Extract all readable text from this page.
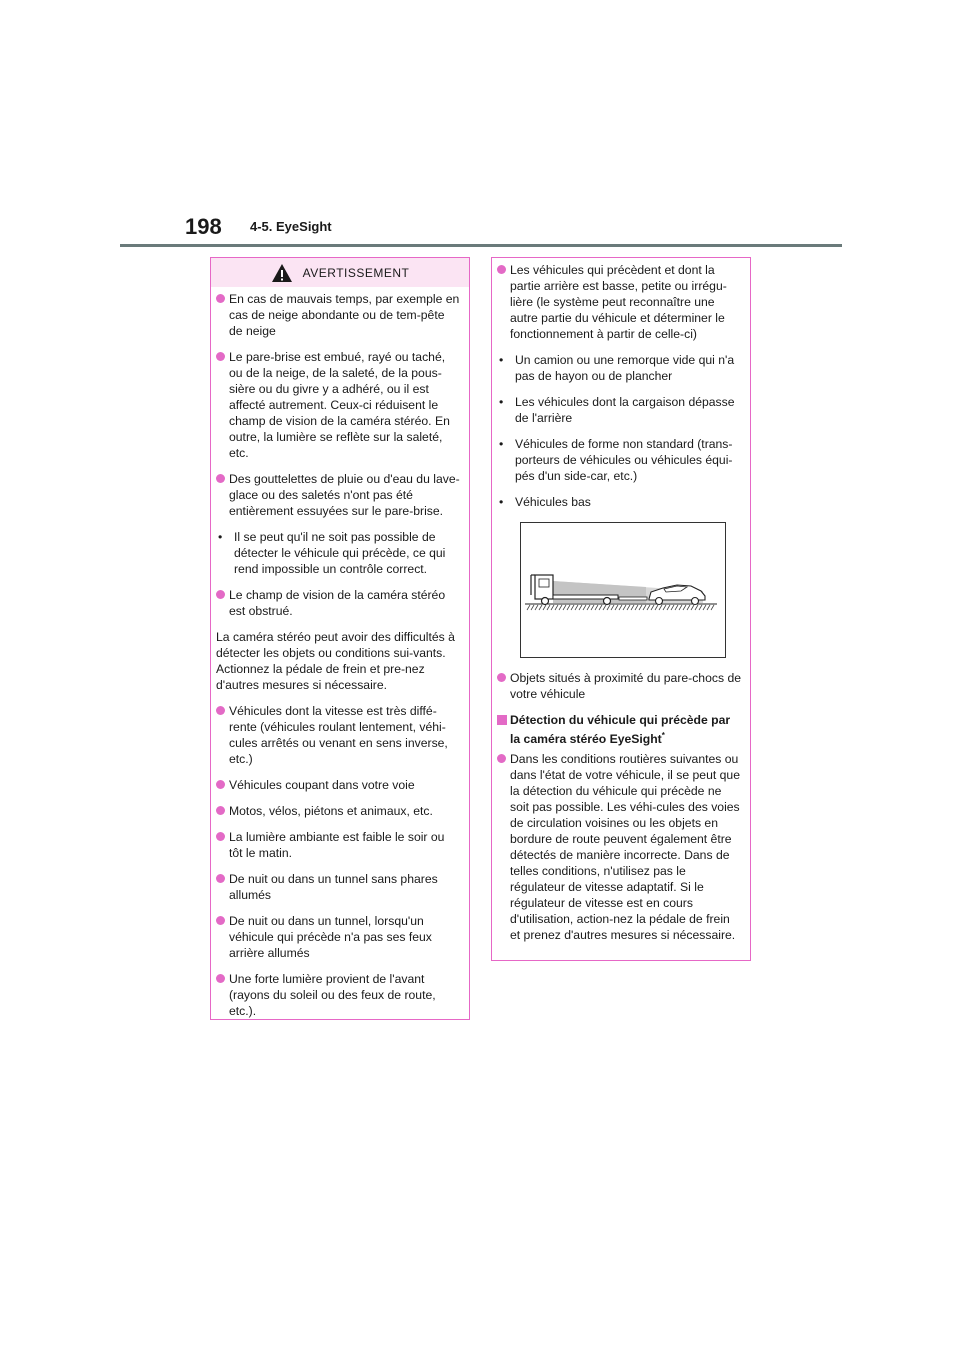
198 4-5. EyeSight
AVERTISSEMENT
En cas de mauvais temps, par exemple en cas de neige abondante ou de tem-pête de neige
Le pare-brise est embué, rayé ou taché, ou de la neige, de la saleté, de la pous-sière ou du givre y a adhéré, ou il est affecté autrement. Ceux-ci réduisent le champ de vision de la caméra stéréo. En outre, la lumière se reflète sur la saleté, etc.
Des gouttelettes de pluie ou d'eau du lave-glace ou des saletés n'ont pas été entièrement essuyées sur le pare-brise.
• Il se peut qu'il ne soit pas possible de détecter le véhicule qui précède, ce qui rend impossible un contrôle correct.
Le champ de vision de la caméra stéréo est obstrué.
La caméra stéréo peut avoir des difficultés à détecter les objets ou conditions sui-vants. Actionnez la pédale de frein et pre-nez d'autres mesures si nécessaire.
Véhicules dont la vitesse est très diffé-rente (véhicules roulant lentement, véhi-cules arrêtés ou venant en sens inverse, etc.)
Véhicules coupant dans votre voie
Motos, vélos, piétons et animaux, etc.
La lumière ambiante est faible le soir ou tôt le matin.
De nuit ou dans un tunnel sans phares allumés
De nuit ou dans un tunnel, lorsqu'un véhicule qui précède n'a pas ses feux arrière allumés
Une forte lumière provient de l'avant (rayons du soleil ou des feux de route, etc.).
Les véhicules qui précèdent et dont la partie arrière est basse, petite ou irrégu-lière (le système peut reconnaître une autre partie du véhicule et déterminer le fonctionnement à partir de celle-ci)
• Un camion ou une remorque vide qui n'a pas de hayon ou de plancher
• Les véhicules dont la cargaison dépasse de l'arrière
• Véhicules de forme non standard (trans-porteurs de véhicules ou véhicules équi-pés d'un side-car, etc.)
• Véhicules bas
Objets situés à proximité du pare-chocs de votre véhicule
Détection du véhicule qui précède par la caméra stéréo EyeSight*
Dans les conditions routières suivantes ou dans l'état de votre véhicule, il se peut que la détection du véhicule qui précède ne soit pas possible. Les véhi-cules des voies de circulation voisines ou les objets en bordure de route peuvent également être détectés de manière incorrecte. Dans de telles conditions, n'utilisez pas le régulateur de vitesse adaptatif. Si le régulateur de vitesse est en cours d'utilisation, action-nez la pédale de frein et prenez d'autres mesures si nécessaire.
